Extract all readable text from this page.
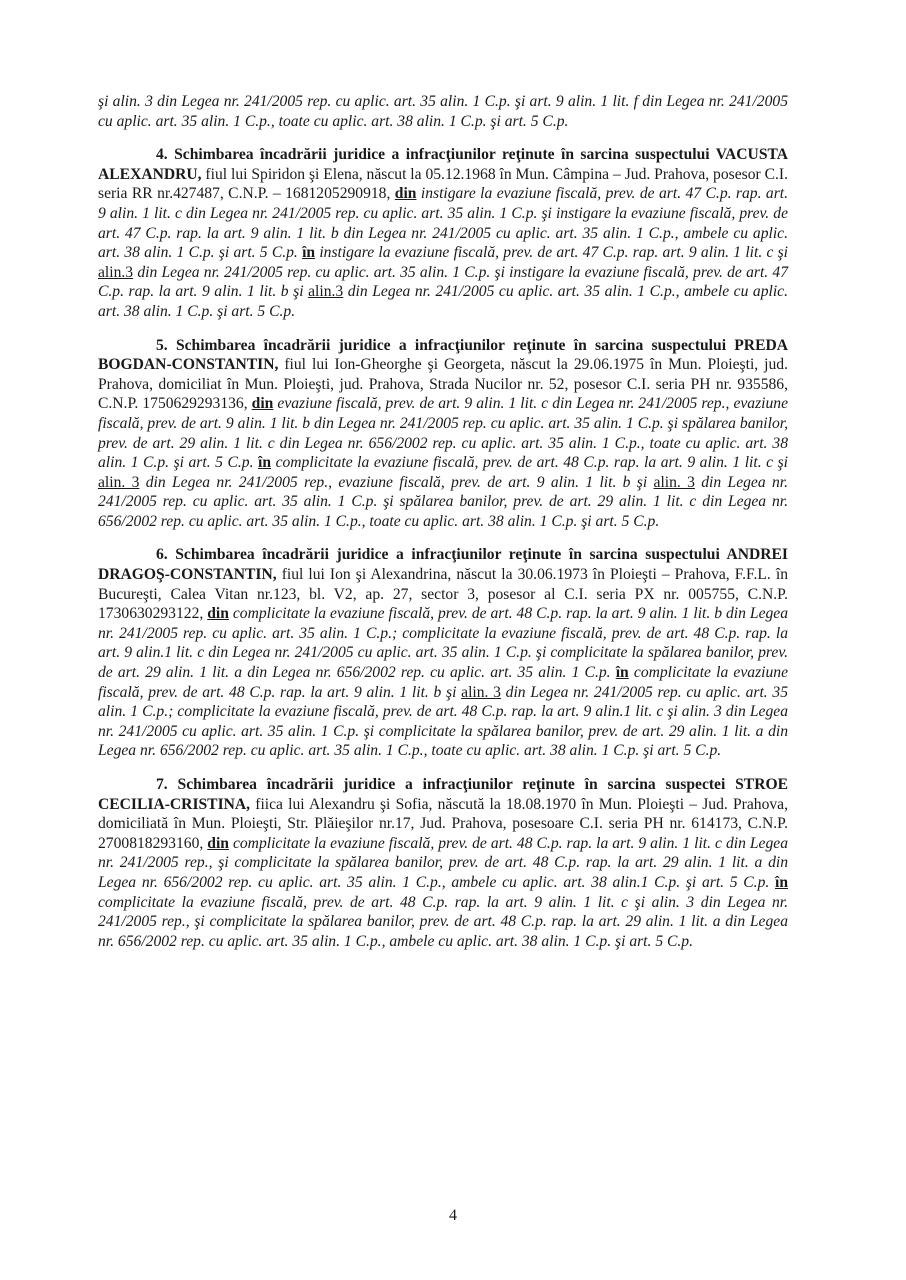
şi alin. 3 din Legea nr. 241/2005 rep. cu aplic. art. 35 alin. 1 C.p. şi art. 9 alin. 1 lit. f din Legea nr. 241/2005 cu aplic. art. 35 alin. 1 C.p., toate cu aplic. art. 38 alin. 1 C.p. şi art. 5 C.p.

4. Schimbarea încadrării juridice a infracţiunilor reţinute în sarcina suspectului VACUSTA ALEXANDRU, fiul lui Spiridon şi Elena, născut la 05.12.1968 în Mun. Câmpina – Jud. Prahova, posesor C.I. seria RR nr.427487, C.N.P. – 1681205290918, din instigare la evaziune fiscală, prev. de art. 47 C.p. rap. art. 9 alin. 1 lit. c din Legea nr. 241/2005 rep. cu aplic. art. 35 alin. 1 C.p. şi instigare la evaziune fiscală, prev. de art. 47 C.p. rap. la art. 9 alin. 1 lit. b din Legea nr. 241/2005 cu aplic. art. 35 alin. 1 C.p., ambele cu aplic. art. 38 alin. 1 C.p. şi art. 5 C.p. în instigare la evaziune fiscală, prev. de art. 47 C.p. rap. art. 9 alin. 1 lit. c şi alin.3 din Legea nr. 241/2005 rep. cu aplic. art. 35 alin. 1 C.p. şi instigare la evaziune fiscală, prev. de art. 47 C.p. rap. la art. 9 alin. 1 lit. b şi alin.3 din Legea nr. 241/2005 cu aplic. art. 35 alin. 1 C.p., ambele cu aplic. art. 38 alin. 1 C.p. şi art. 5 C.p.

5. Schimbarea încadrării juridice a infracţiunilor reţinute în sarcina suspectului PREDA BOGDAN-CONSTANTIN, fiul lui Ion-Gheorghe şi Georgeta, născut la 29.06.1975 în Mun. Ploieşti, jud. Prahova, domiciliat în Mun. Ploieşti, jud. Prahova, Strada Nucilor nr. 52, posesor C.I. seria PH nr. 935586, C.N.P. 1750629293136, din evaziune fiscală, prev. de art. 9 alin. 1 lit. c din Legea nr. 241/2005 rep., evaziune fiscală, prev. de art. 9 alin. 1 lit. b din Legea nr. 241/2005 rep. cu aplic. art. 35 alin. 1 C.p. şi spălarea banilor, prev. de art. 29 alin. 1 lit. c din Legea nr. 656/2002 rep. cu aplic. art. 35 alin. 1 C.p., toate cu aplic. art. 38 alin. 1 C.p. şi art. 5 C.p. în complicitate la evaziune fiscală, prev. de art. 48 C.p. rap. la art. 9 alin. 1 lit. c şi alin. 3 din Legea nr. 241/2005 rep., evaziune fiscală, prev. de art. 9 alin. 1 lit. b şi alin. 3 din Legea nr. 241/2005 rep. cu aplic. art. 35 alin. 1 C.p. şi spălarea banilor, prev. de art. 29 alin. 1 lit. c din Legea nr. 656/2002 rep. cu aplic. art. 35 alin. 1 C.p., toate cu aplic. art. 38 alin. 1 C.p. şi art. 5 C.p.

6. Schimbarea încadrării juridice a infracţiunilor reţinute în sarcina suspectului ANDREI DRAGOŞ-CONSTANTIN, fiul lui Ion şi Alexandrina, născut la 30.06.1973 în Ploieşti – Prahova, F.F.L. în Bucureşti, Calea Vitan nr.123, bl. V2, ap. 27, sector 3, posesor al C.I. seria PX nr. 005755, C.N.P. 1730630293122, din complicitate la evaziune fiscală, prev. de art. 48 C.p. rap. la art. 9 alin. 1 lit. b din Legea nr. 241/2005 rep. cu aplic. art. 35 alin. 1 C.p.; complicitate la evaziune fiscală, prev. de art. 48 C.p. rap. la art. 9 alin.1 lit. c din Legea nr. 241/2005 cu aplic. art. 35 alin. 1 C.p. şi complicitate la spălarea banilor, prev. de art. 29 alin. 1 lit. a din Legea nr. 656/2002 rep. cu aplic. art. 35 alin. 1 C.p. în complicitate la evaziune fiscală, prev. de art. 48 C.p. rap. la art. 9 alin. 1 lit. b şi alin. 3 din Legea nr. 241/2005 rep. cu aplic. art. 35 alin. 1 C.p.; complicitate la evaziune fiscală, prev. de art. 48 C.p. rap. la art. 9 alin.1 lit. c şi alin. 3 din Legea nr. 241/2005 cu aplic. art. 35 alin. 1 C.p. şi complicitate la spălarea banilor, prev. de art. 29 alin. 1 lit. a din Legea nr. 656/2002 rep. cu aplic. art. 35 alin. 1 C.p., toate cu aplic. art. 38 alin. 1 C.p. şi art. 5 C.p.

7. Schimbarea încadrării juridice a infracţiunilor reţinute în sarcina suspectei STROE CECILIA-CRISTINA, fiica lui Alexandru şi Sofia, născută la 18.08.1970 în Mun. Ploieşti – Jud. Prahova, domiciliată în Mun. Ploieşti, Str. Plăieşilor nr.17, Jud. Prahova, posesoare C.I. seria PH nr. 614173, C.N.P. 2700818293160, din complicitate la evaziune fiscală, prev. de art. 48 C.p. rap. la art. 9 alin. 1 lit. c din Legea nr. 241/2005 rep., şi complicitate la spălarea banilor, prev. de art. 48 C.p. rap. la art. 29 alin. 1 lit. a din Legea nr. 656/2002 rep. cu aplic. art. 35 alin. 1 C.p., ambele cu aplic. art. 38 alin.1 C.p. şi art. 5 C.p. în complicitate la evaziune fiscală, prev. de art. 48 C.p. rap. la art. 9 alin. 1 lit. c şi alin. 3 din Legea nr. 241/2005 rep., şi complicitate la spălarea banilor, prev. de art. 48 C.p. rap. la art. 29 alin. 1 lit. a din Legea nr. 656/2002 rep. cu aplic. art. 35 alin. 1 C.p., ambele cu aplic. art. 38 alin. 1 C.p. şi art. 5 C.p.

4
